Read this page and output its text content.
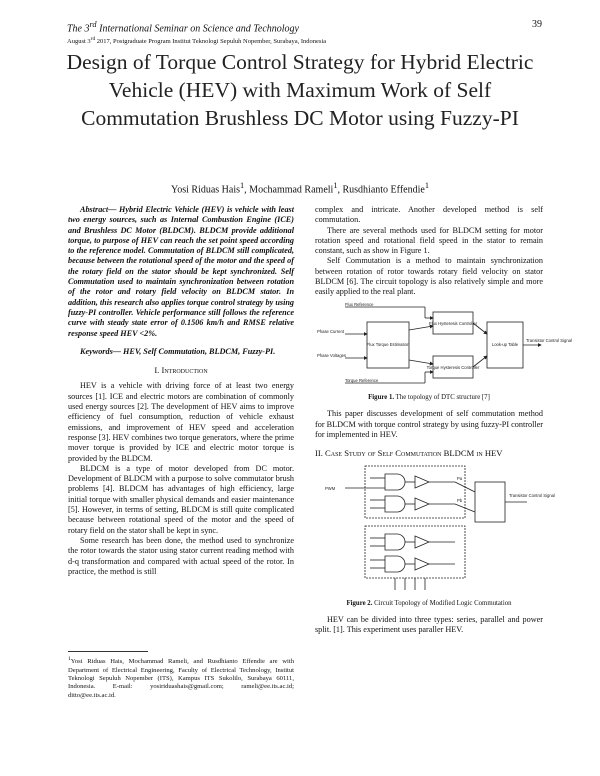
The 3rd International Seminar on Science and Technology
August 3rd 2017, Postgraduate Program Institut Teknologi Sepuluh Nopember, Surabaya, Indonesia
39
Design of Torque Control Strategy for Hybrid Electric Vehicle (HEV) with Maximum Work of Self Commutation Brushless DC Motor using Fuzzy-PI
Yosi Riduas Hais$^1$, Mochammad Rameli$^1$, Rusdhianto Effendie$^1$

Abstract— Hybrid Electric Vehicle (HEV) is vehicle with least two energy sources, such as Internal Combustion Engine (ICE) and Brushless DC Motor (BLDCM). BLDCM provide additional torque, to purpose of HEV can reach the set point speed according to the reference model. Commutation of BLDCM still complicated, because between the rotational speed of the motor and the speed of the rotary field on the stator should be kept synchronized. Self Commutation used to maintain synchronization between rotation of the rotor and rotary field velocity on BLDCM stator. In addition, this research also applies torque control strategy by using fuzzy-PI controller. Vehicle performance still follows the reference curve with steady state error of 0.1506 km/h and RMSE relative response speed HEV <2%.

Keywords— HEV, Self Commutation, BLDCM, Fuzzy-PI.

I. Introduction

HEV is a vehicle with driving force of at least two energy sources [1]. ICE and electric motors are combination of commonly used energy sources [2]. The development of HEV aims to improve efficiency of fuel consumption, reduction of vehicle exhaust emissions, and improvement of HEV speed and acceleration response [3]. HEV combines two torque generators, where the prime mover torque is provided by ICE and electric motor torque is provided by the BLDCM.

BLDCM is a type of motor developed from DC motor. Development of BLDCM with a purpose to solve commutator brush problems [4]. BLDCM has advantages of high efficiency, large initial torque with smaller physical demands and easier maintenance [5]. However, in terms of setting, BLDCM is still quite complicated because between rotational speed of the motor and the speed of rotary field on the stator shall be kept in sync.

Some research has been done, the method used to synchronize the rotor towards the stator using stator current reading method with d-q transformation and compared with actual speed of the rotor. In practice, the method is still

complex and intricate. Another developed method is self commutation.

There are several methods used for BLDCM setting for motor rotation speed and rotational field speed in the stator to remain constant, such as show in Figure 1.

Self Commutation is a method to maintain synchronization between rotation of rotor towards rotary field velocity on stator BLDCM [6]. The circuit topology is also relatively simple and more easily applied to the real plant.

Flux Reference
Phase Current
Phase Voltages
Torque Reference
Flux Torque Estimation
Flux Hysteresis Controller
Torque Hysteresis Controller
Look-up Table
Transistor Control Signal
Figure 1. The topology of DTC structure [7]

This paper discusses development of self commutation method for BLDCM with torque control strategy by using fuzzy-PI controller for implemented in HEV.

II. Case Study of Self Commutation BLDCM in HEV
PWM
Pa
Pb
Transistor Control Signal
Figure 2. Circuit Topology of Modified Logic Commutation

HEV can be divided into three types: series, parallel and power split. [1]. This experiment uses paraller HEV.

$^1$Yosi Riduas Hais, Mochammad Rameli, and Rusdhianto Effendie are with Department of Electrical Engineering, Faculty of Electrical Technology, Institut Teknologi Sepuluh Nopember (ITS), Kampus ITS Sukolilo, Surabaya 60111, Indonesia. E-mail: yosiriduashais@gmail.com; rameli@ee.its.ac.id; ditto@ee.its.ac.id.
